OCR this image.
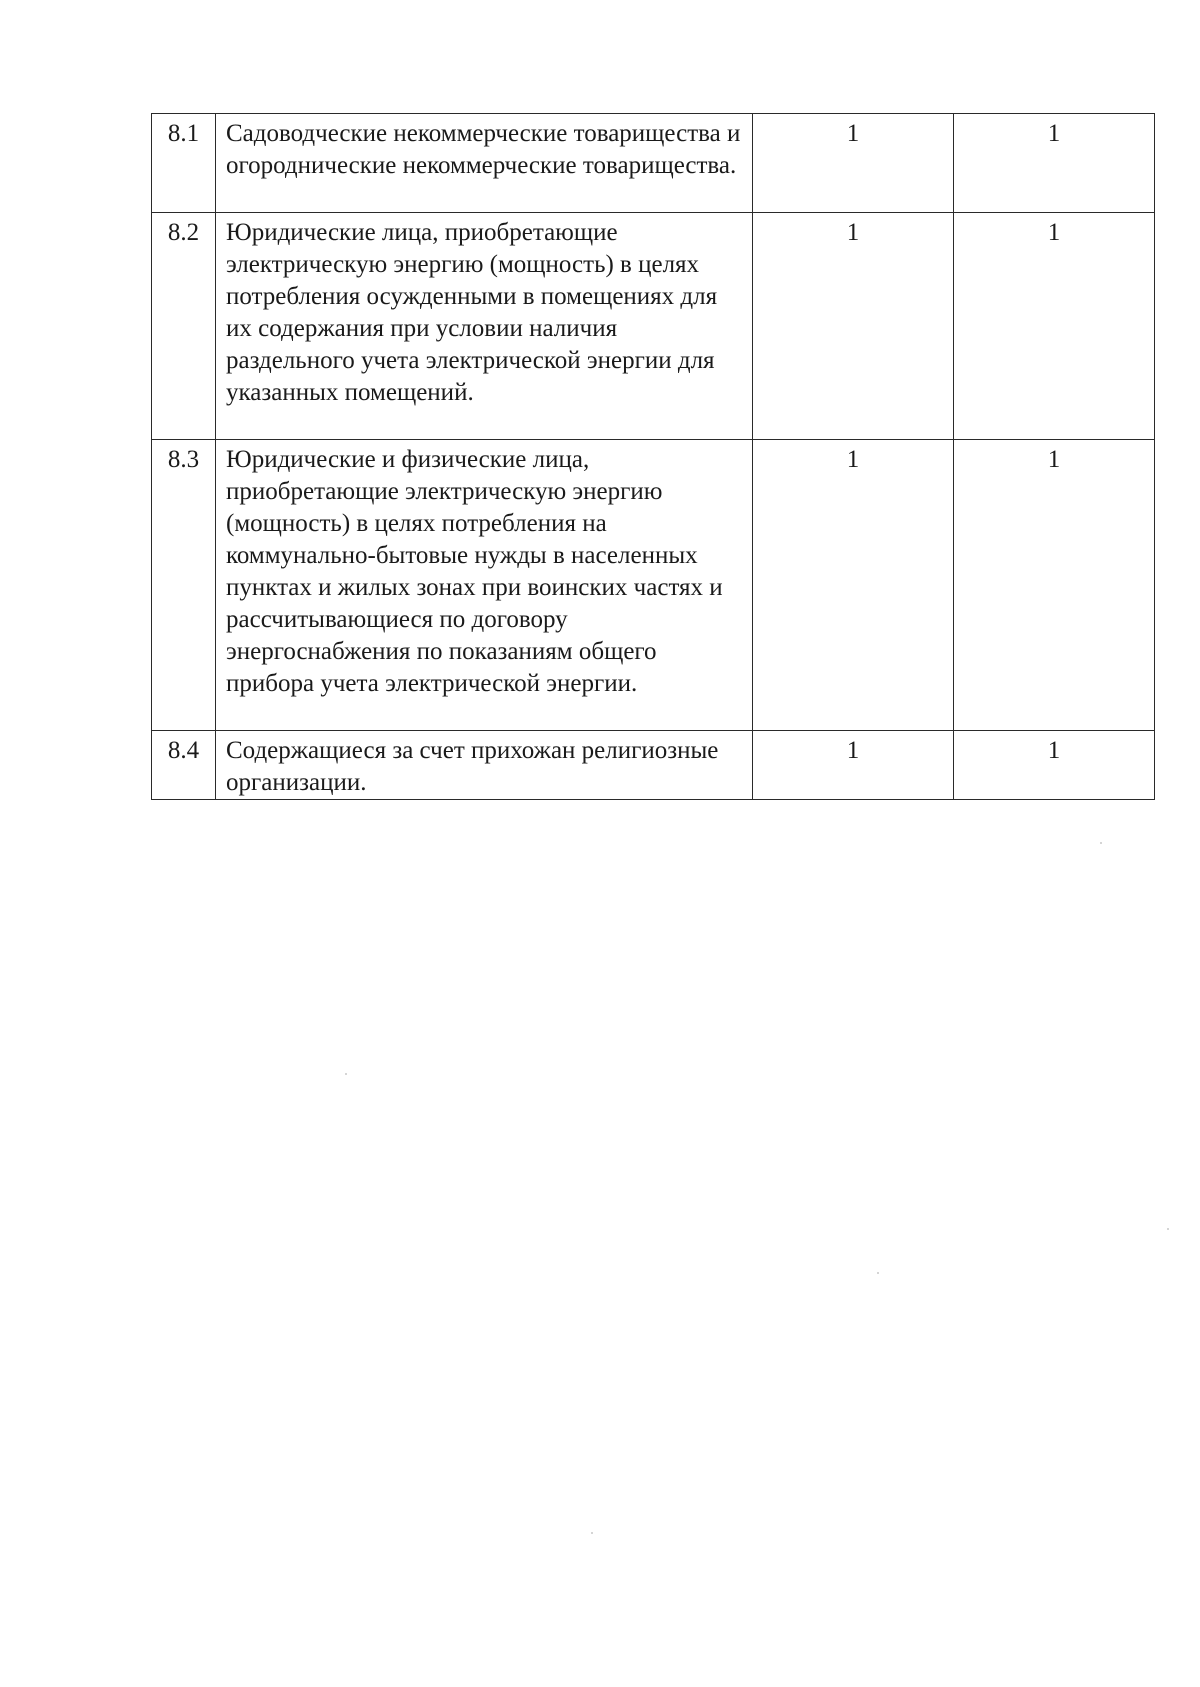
8.1	Садоводческие некоммерческие товарищества и огороднические некоммерческие товарищества.	1	1
8.2	Юридические лица, приобретающие электрическую энергию (мощность) в целях потребления осужденными в помещениях для их содержания при условии наличия раздельного учета электрической энергии для указанных помещений.	1	1
8.3	Юридические и физические лица, приобретающие электрическую энергию (мощность) в целях потребления на коммунально-бытовые нужды в населенных пунктах и жилых зонах при воинских частях и рассчитывающиеся по договору энергоснабжения по показаниям общего прибора учета электрической энергии.	1	1
8.4	Содержащиеся за счет прихожан религиозные организации.	1	1
